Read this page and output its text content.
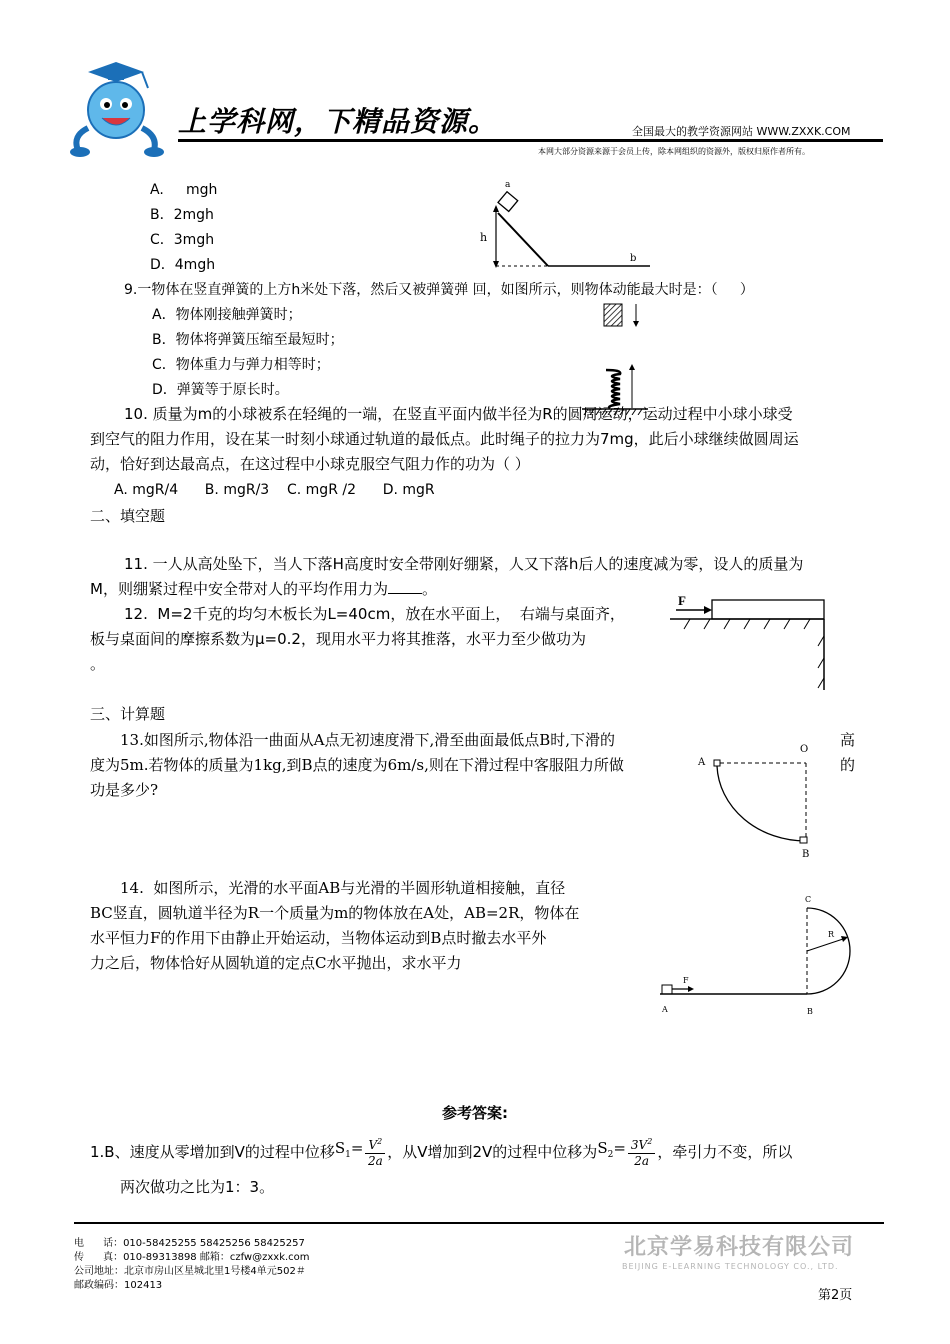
上学科网，下精品资源。	全国最大的教学资源网站 WWW.ZXXK.COM
本网大部分资源来源于会员上传，除本网组织的资源外，版权归原作者所有。
A.     mgh
B．2mgh
C．3mgh
D．4mgh
a
h
b
9.一物体在竖直弹簧的上方h米处下落，然后又被弹簧弹 回，如图所示，则物体动能最大时是：（     ）
A．物体刚接触弹簧时；
B．物体将弹簧压缩至最短时；
C．物体重力与弹力相等时；
D．弹簧等于原长时。
10. 质量为m的小球被系在轻绳的一端，在竖直平面内做半径为R的圆周运动，运动过程中小球小球受
到空气的阻力作用，设在某一时刻小球通过轨道的最低点。此时绳子的拉力为7mg，此后小球继续做圆周运
动，恰好到达最高点，在这过程中小球克服空气阻力作的功为（ ）
A. mgR/4      B. mgR/3    C. mgR /2      D. mgR
二、填空题
11. 一人从高处坠下，当人下落H高度时安全带刚好绷紧，人又下落h后人的速度减为零，设人的质量为
M，则绷紧过程中安全带对人的平均作用力为 。
12.  M=2千克的均匀木板长为L=40cm，放在水平面上，  右端与桌面齐，
板与桌面间的摩擦系数为μ=0.2，现用水平力将其推落，水平力至少做功为
。
F
三、计算题
13.如图所示,物体沿一曲面从A点无初速度滑下,滑至曲面最低点B时,下滑的	高
度为5m.若物体的质量为1kg,到B点的速度为6m/s,则在下滑过程中客服阻力所做	的
功是多少?
A
O
B
14.  如图所示，光滑的水平面AB与光滑的半圆形轨道相接触，直径
BC竖直，圆轨道半径为R一个质量为m的物体放在A处，AB=2R，物体在
水平恒力F的作用下由静止开始运动，当物体运动到B点时撤去水平外
力之后，物体恰好从圆轨道的定点C水平抛出，求水平力
C
R
F
A	B
参考答案:
1.B、速度从零增加到V的过程中位移 $S_1= \frac{V^2}{2a}$ ，从V增加到2V的过程中位移为 $S_2= \frac{3V^2}{2a}$ ，牵引力不变，所以
两次做功之比为1：3。
电      话：010-58425255 58425256 58425257
传      真：010-89313898 邮箱：czfw@zxxk.com
公司地址：北京市房山区星城北里1号楼4单元502＃
邮政编码：102413
北京学易科技有限公司
BEIJING E-LEARNING TECHNOLOGY CO., LTD.
第2页
